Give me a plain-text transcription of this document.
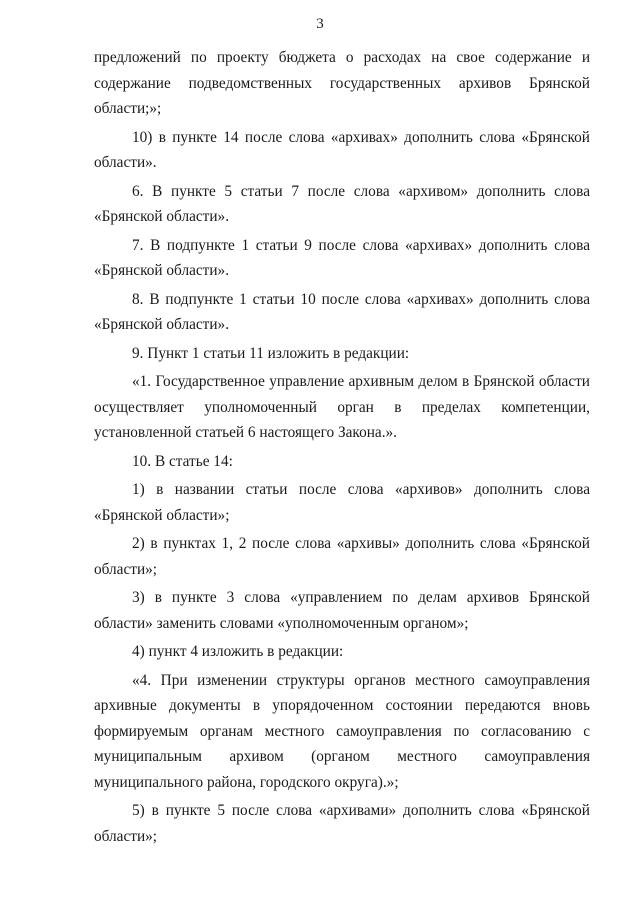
3

предложений по проекту бюджета о расходах на свое содержание и содержание подведомственных государственных архивов Брянской области;»;

10) в пункте 14 после слова «архивах» дополнить слова «Брянской области».

6. В пункте 5 статьи 7 после слова «архивом» дополнить слова «Брянской области».

7. В подпункте 1 статьи 9 после слова «архивах» дополнить слова «Брянской области».

8. В подпункте 1 статьи 10 после слова «архивах» дополнить слова «Брянской области».

9. Пункт 1 статьи 11 изложить в редакции:

«1. Государственное управление архивным делом в Брянской области осуществляет уполномоченный орган в пределах компетенции, установленной статьей 6 настоящего Закона.».

10. В статье 14:

1) в названии статьи после слова «архивов» дополнить слова «Брянской области»;

2) в пунктах 1, 2 после слова «архивы» дополнить слова «Брянской области»;

3) в пункте 3 слова «управлением по делам архивов Брянской области» заменить словами «уполномоченным органом»;

4) пункт 4 изложить в редакции:

«4. При изменении структуры органов местного самоуправления архивные документы в упорядоченном состоянии передаются вновь формируемым органам местного самоуправления по согласованию с муниципальным архивом (органом местного самоуправления муниципального района, городского округа).»;

5) в пункте 5 после слова «архивами» дополнить слова «Брянской области»;
